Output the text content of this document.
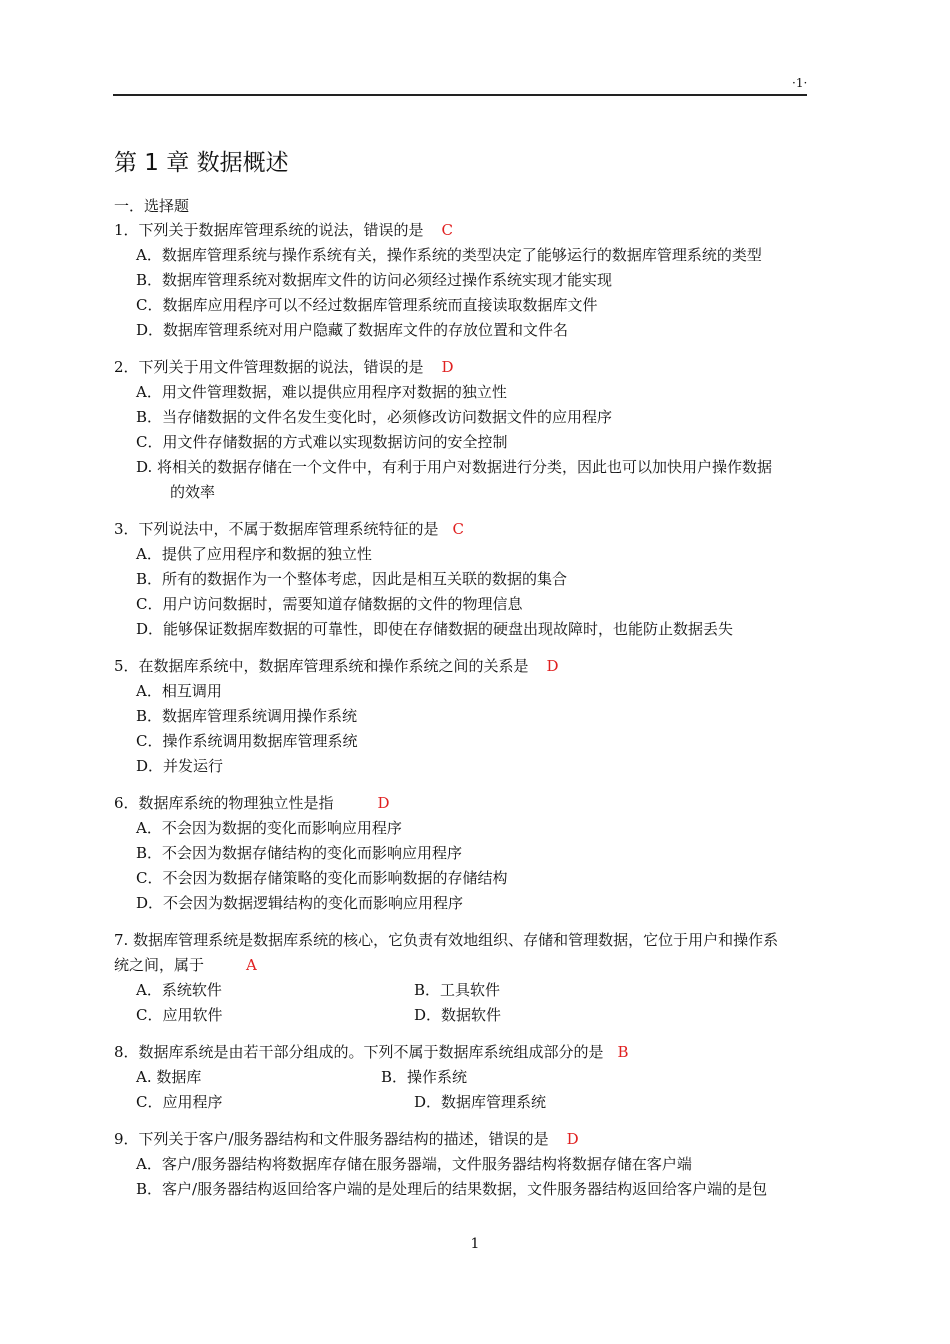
·1·
第 1 章 数据概述
一．选择题
1．下列关于数据库管理系统的说法，错误的是 C
A．数据库管理系统与操作系统有关，操作系统的类型决定了能够运行的数据库管理系统的类型
B．数据库管理系统对数据库文件的访问必须经过操作系统实现才能实现
C．数据库应用程序可以不经过数据库管理系统而直接读取数据库文件
D．数据库管理系统对用户隐藏了数据库文件的存放位置和文件名
2．下列关于用文件管理数据的说法，错误的是 D
A．用文件管理数据，难以提供应用程序对数据的独立性
B．当存储数据的文件名发生变化时，必须修改访问数据文件的应用程序
C．用文件存储数据的方式难以实现数据访问的安全控制
D. 将相关的数据存储在一个文件中，有利于用户对数据进行分类，因此也可以加快用户操作数据
的效率
3．下列说法中，不属于数据库管理系统特征的是 C
A．提供了应用程序和数据的独立性
B．所有的数据作为一个整体考虑，因此是相互关联的数据的集合
C．用户访问数据时，需要知道存储数据的文件的物理信息
D．能够保证数据库数据的可靠性，即使在存储数据的硬盘出现故障时，也能防止数据丢失
5．在数据库系统中，数据库管理系统和操作系统之间的关系是 D
A．相互调用
B．数据库管理系统调用操作系统
C．操作系统调用数据库管理系统
D．并发运行
6．数据库系统的物理独立性是指	D
A．不会因为数据的变化而影响应用程序
B．不会因为数据存储结构的变化而影响应用程序
C．不会因为数据存储策略的变化而影响数据的存储结构
D．不会因为数据逻辑结构的变化而影响应用程序
7. 数据库管理系统是数据库系统的核心，它负责有效地组织、存储和管理数据，它位于用户和操作系
统之间，属于	A
A．系统软件	B．工具软件
C．应用软件	D．数据软件
8．数据库系统是由若干部分组成的。下列不属于数据库系统组成部分的是 B
A. 数据库	B．操作系统
C．应用程序	D．数据库管理系统
9．下列关于客户/服务器结构和文件服务器结构的描述，错误的是 D
A．客户/服务器结构将数据库存储在服务器端，文件服务器结构将数据存储在客户端
B．客户/服务器结构返回给客户端的是处理后的结果数据，文件服务器结构返回给客户端的是包
1
